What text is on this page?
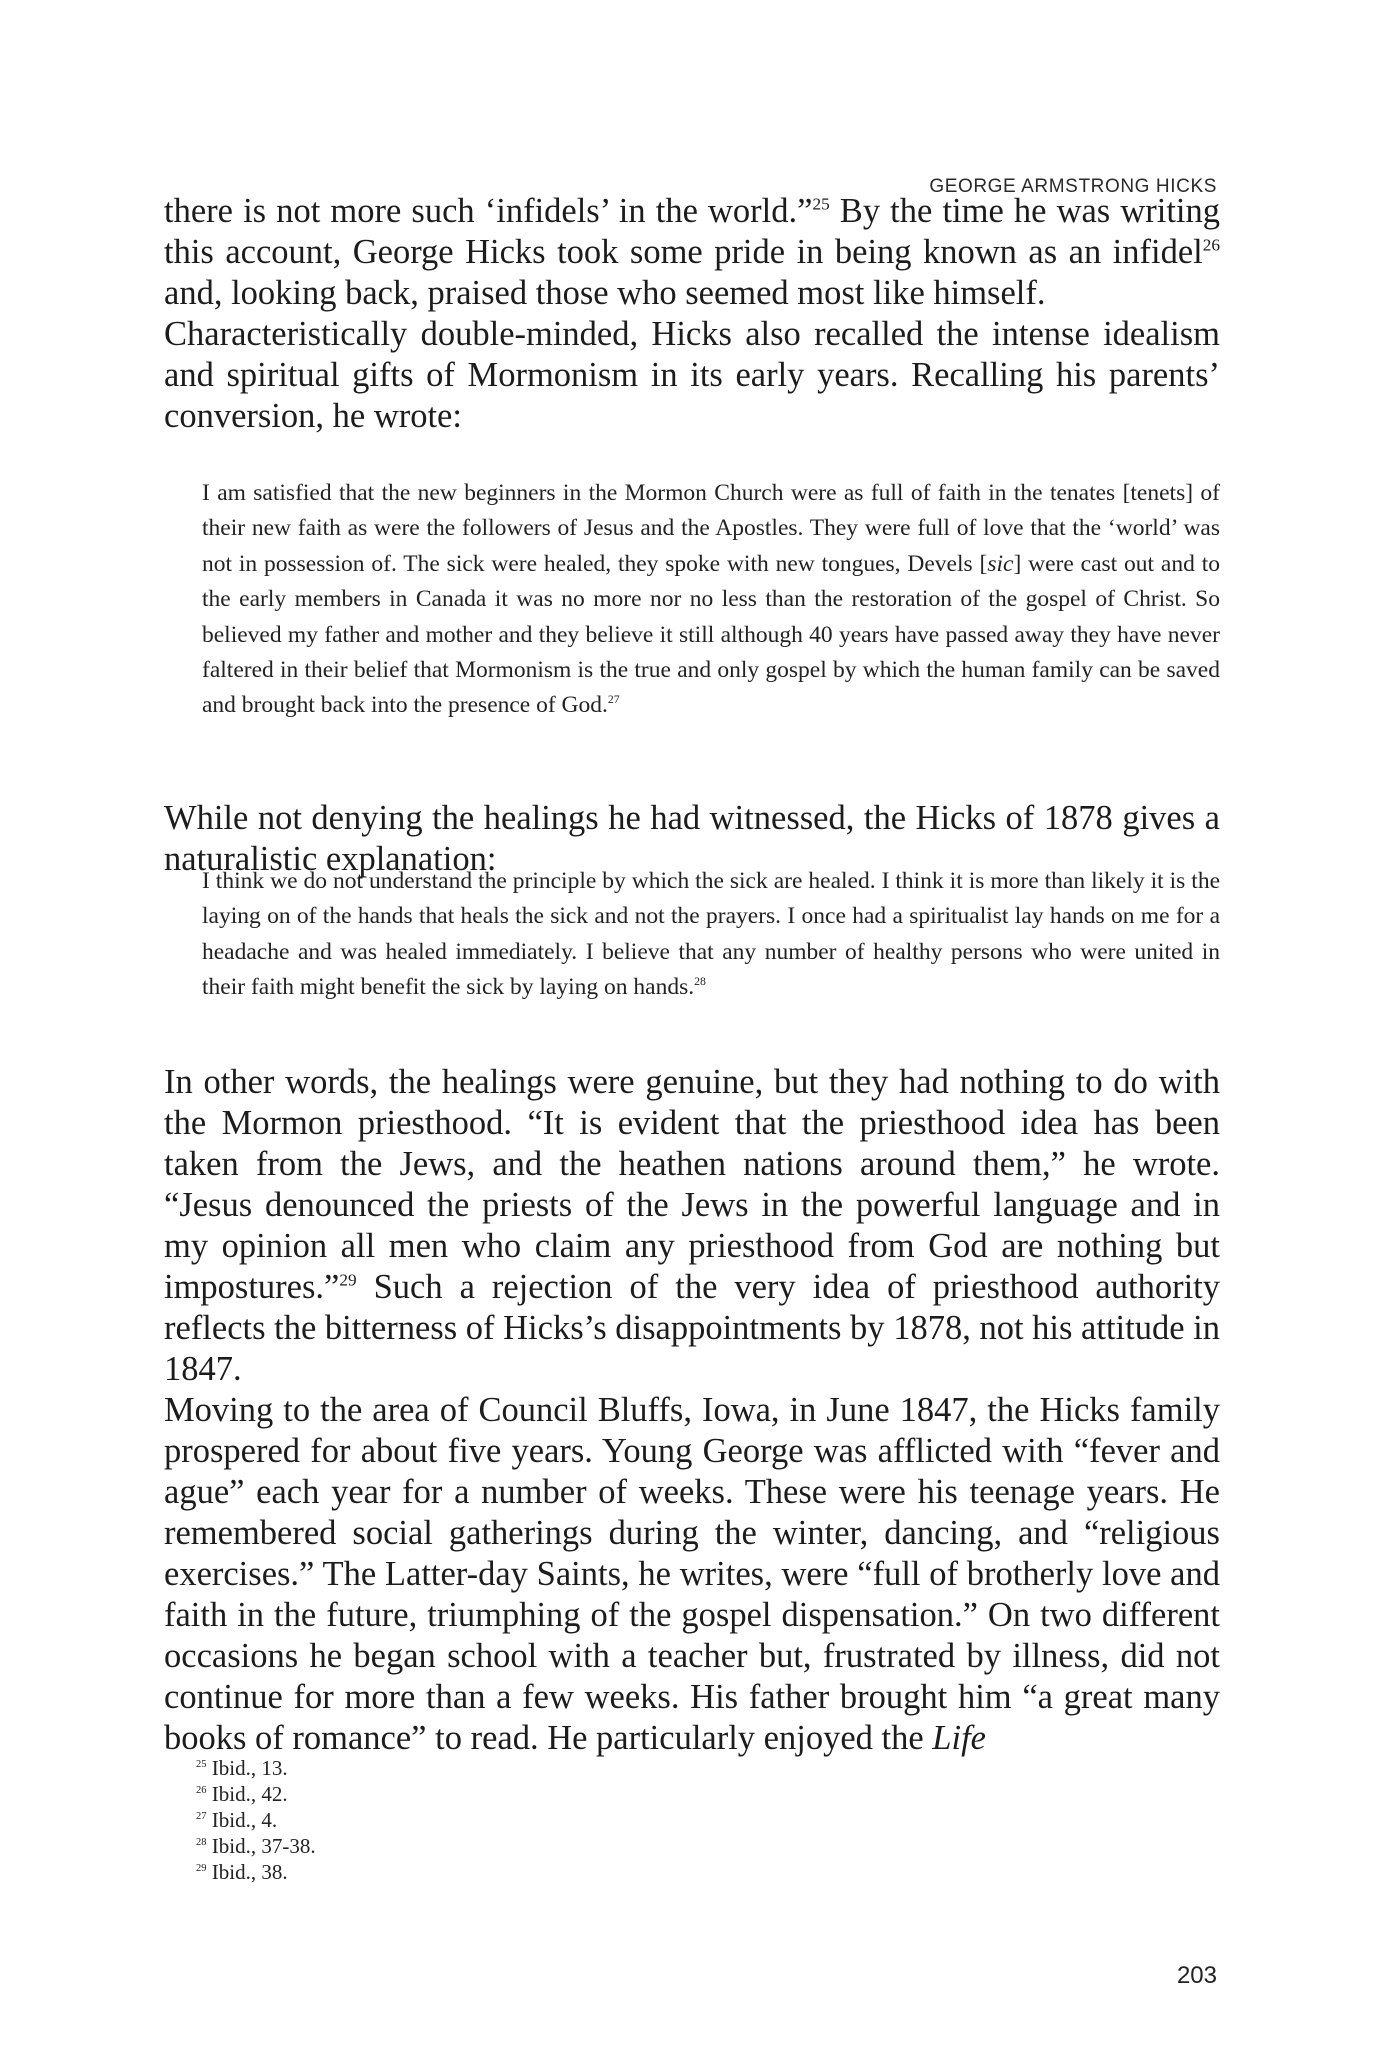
GEORGE ARMSTRONG HICKS

there is not more such ‘infidels’ in the world.”$^{25}$ By the time he was writing this account, George Hicks took some pride in being known as an infidel$^{26}$ and, looking back, praised those who seemed most like himself.

Characteristically double-minded, Hicks also recalled the intense idealism and spiritual gifts of Mormonism in its early years. Recalling his parents’ conversion, he wrote:

I am satisfied that the new beginners in the Mormon Church were as full of faith in the tenates [tenets] of their new faith as were the followers of Jesus and the Apostles. They were full of love that the ‘world’ was not in possession of. The sick were healed, they spoke with new tongues, Devels [sic] were cast out and to the early members in Canada it was no more nor no less than the restoration of the gospel of Christ. So believed my father and mother and they believe it still although 40 years have passed away they have never faltered in their belief that Mormonism is the true and only gospel by which the human family can be saved and brought back into the presence of God.$^{27}$

While not denying the healings he had witnessed, the Hicks of 1878 gives a naturalistic explanation:

I think we do not understand the principle by which the sick are healed. I think it is more than likely it is the laying on of the hands that heals the sick and not the prayers. I once had a spiritualist lay hands on me for a headache and was healed immediately. I believe that any number of healthy persons who were united in their faith might benefit the sick by laying on hands.$^{28}$

In other words, the healings were genuine, but they had nothing to do with the Mormon priesthood. “It is evident that the priesthood idea has been taken from the Jews, and the heathen nations around them,” he wrote. “Jesus denounced the priests of the Jews in the powerful language and in my opinion all men who claim any priesthood from God are nothing but impostures.”$^{29}$ Such a rejection of the very idea of priesthood authority reflects the bitterness of Hicks’s disappointments by 1878, not his attitude in 1847.

Moving to the area of Council Bluffs, Iowa, in June 1847, the Hicks family prospered for about five years. Young George was afflicted with “fever and ague” each year for a number of weeks. These were his teenage years. He remembered social gatherings during the winter, dancing, and “religious exercises.” The Latter-day Saints, he writes, were “full of brotherly love and faith in the future, triumphing of the gospel dispensation.” On two different occasions he began school with a teacher but, frustrated by illness, did not continue for more than a few weeks. His father brought him “a great many books of romance” to read. He particularly enjoyed the Life

$^{25}$ Ibid., 13.

$^{26}$ Ibid., 42.

$^{27}$ Ibid., 4.

$^{28}$ Ibid., 37-38.

$^{29}$ Ibid., 38.

203
